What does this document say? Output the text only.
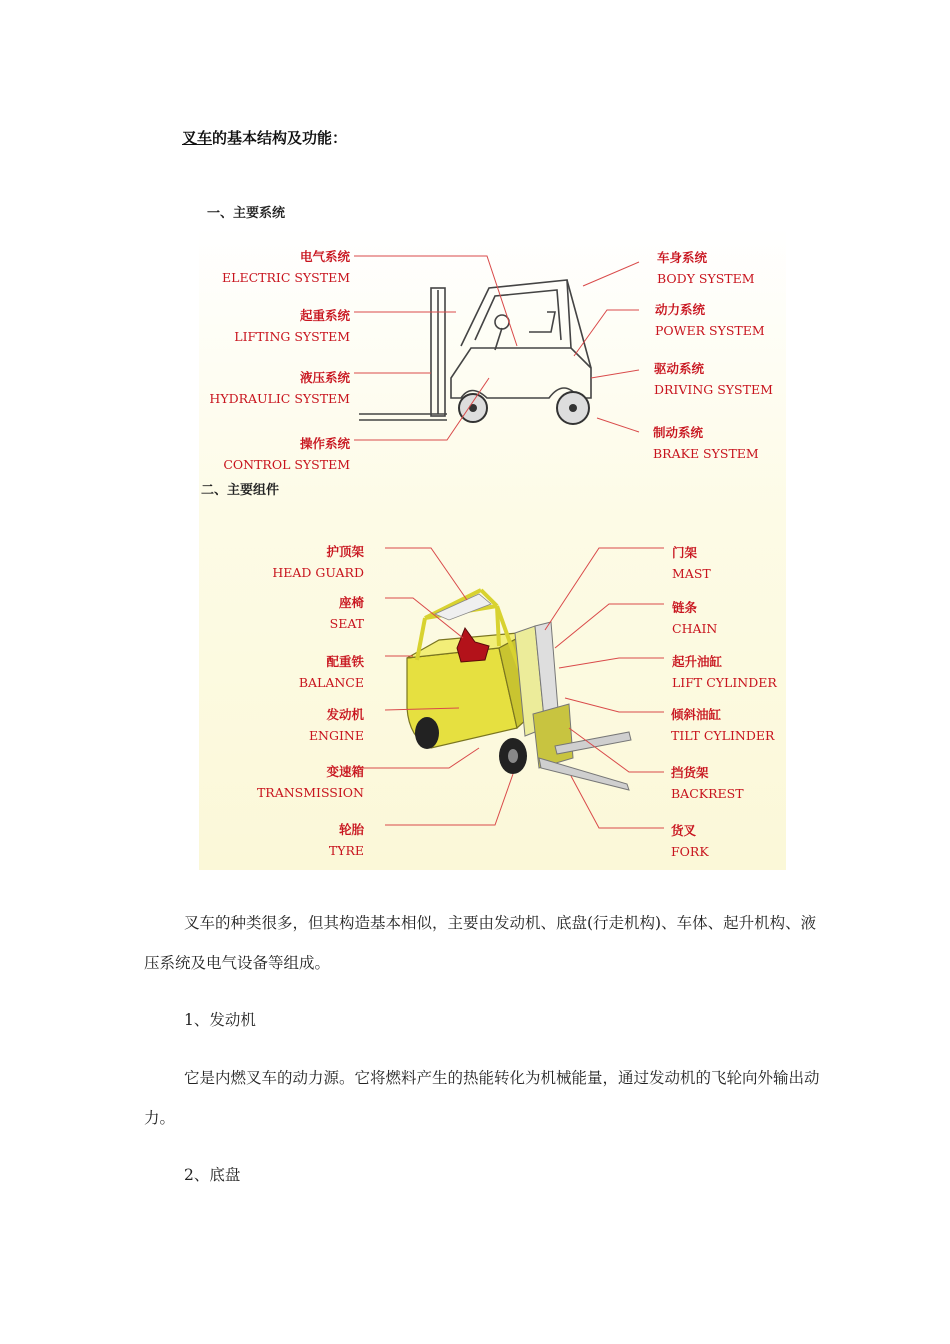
叉车的基本结构及功能：
一、主要系统
电气系统
ELECTRIC SYSTEM
起重系统
LIFTING SYSTEM
液压系统
HYDRAULIC SYSTEM
操作系统
CONTROL SYSTEM
车身系统
BODY SYSTEM
动力系统
POWER SYSTEM
驱动系统
DRIVING SYSTEM
制动系统
BRAKE SYSTEM
二、主要组件
护顶架
HEAD GUARD
座椅
SEAT
配重铁
BALANCE
发动机
ENGINE
变速箱
TRANSMISSION
轮胎
TYRE
门架
MAST
链条
CHAIN
起升油缸
LIFT CYLINDER
倾斜油缸
TILT CYLINDER
挡货架
BACKREST
货叉
FORK
叉车的种类很多，但其构造基本相似，主要由发动机、底盘(行走机构)、车体、起升机构、液压系统及电气设备等组成。
1、发动机
它是内燃叉车的动力源。它将燃料产生的热能转化为机械能量，通过发动机的飞轮向外输出动力。
2、底盘
